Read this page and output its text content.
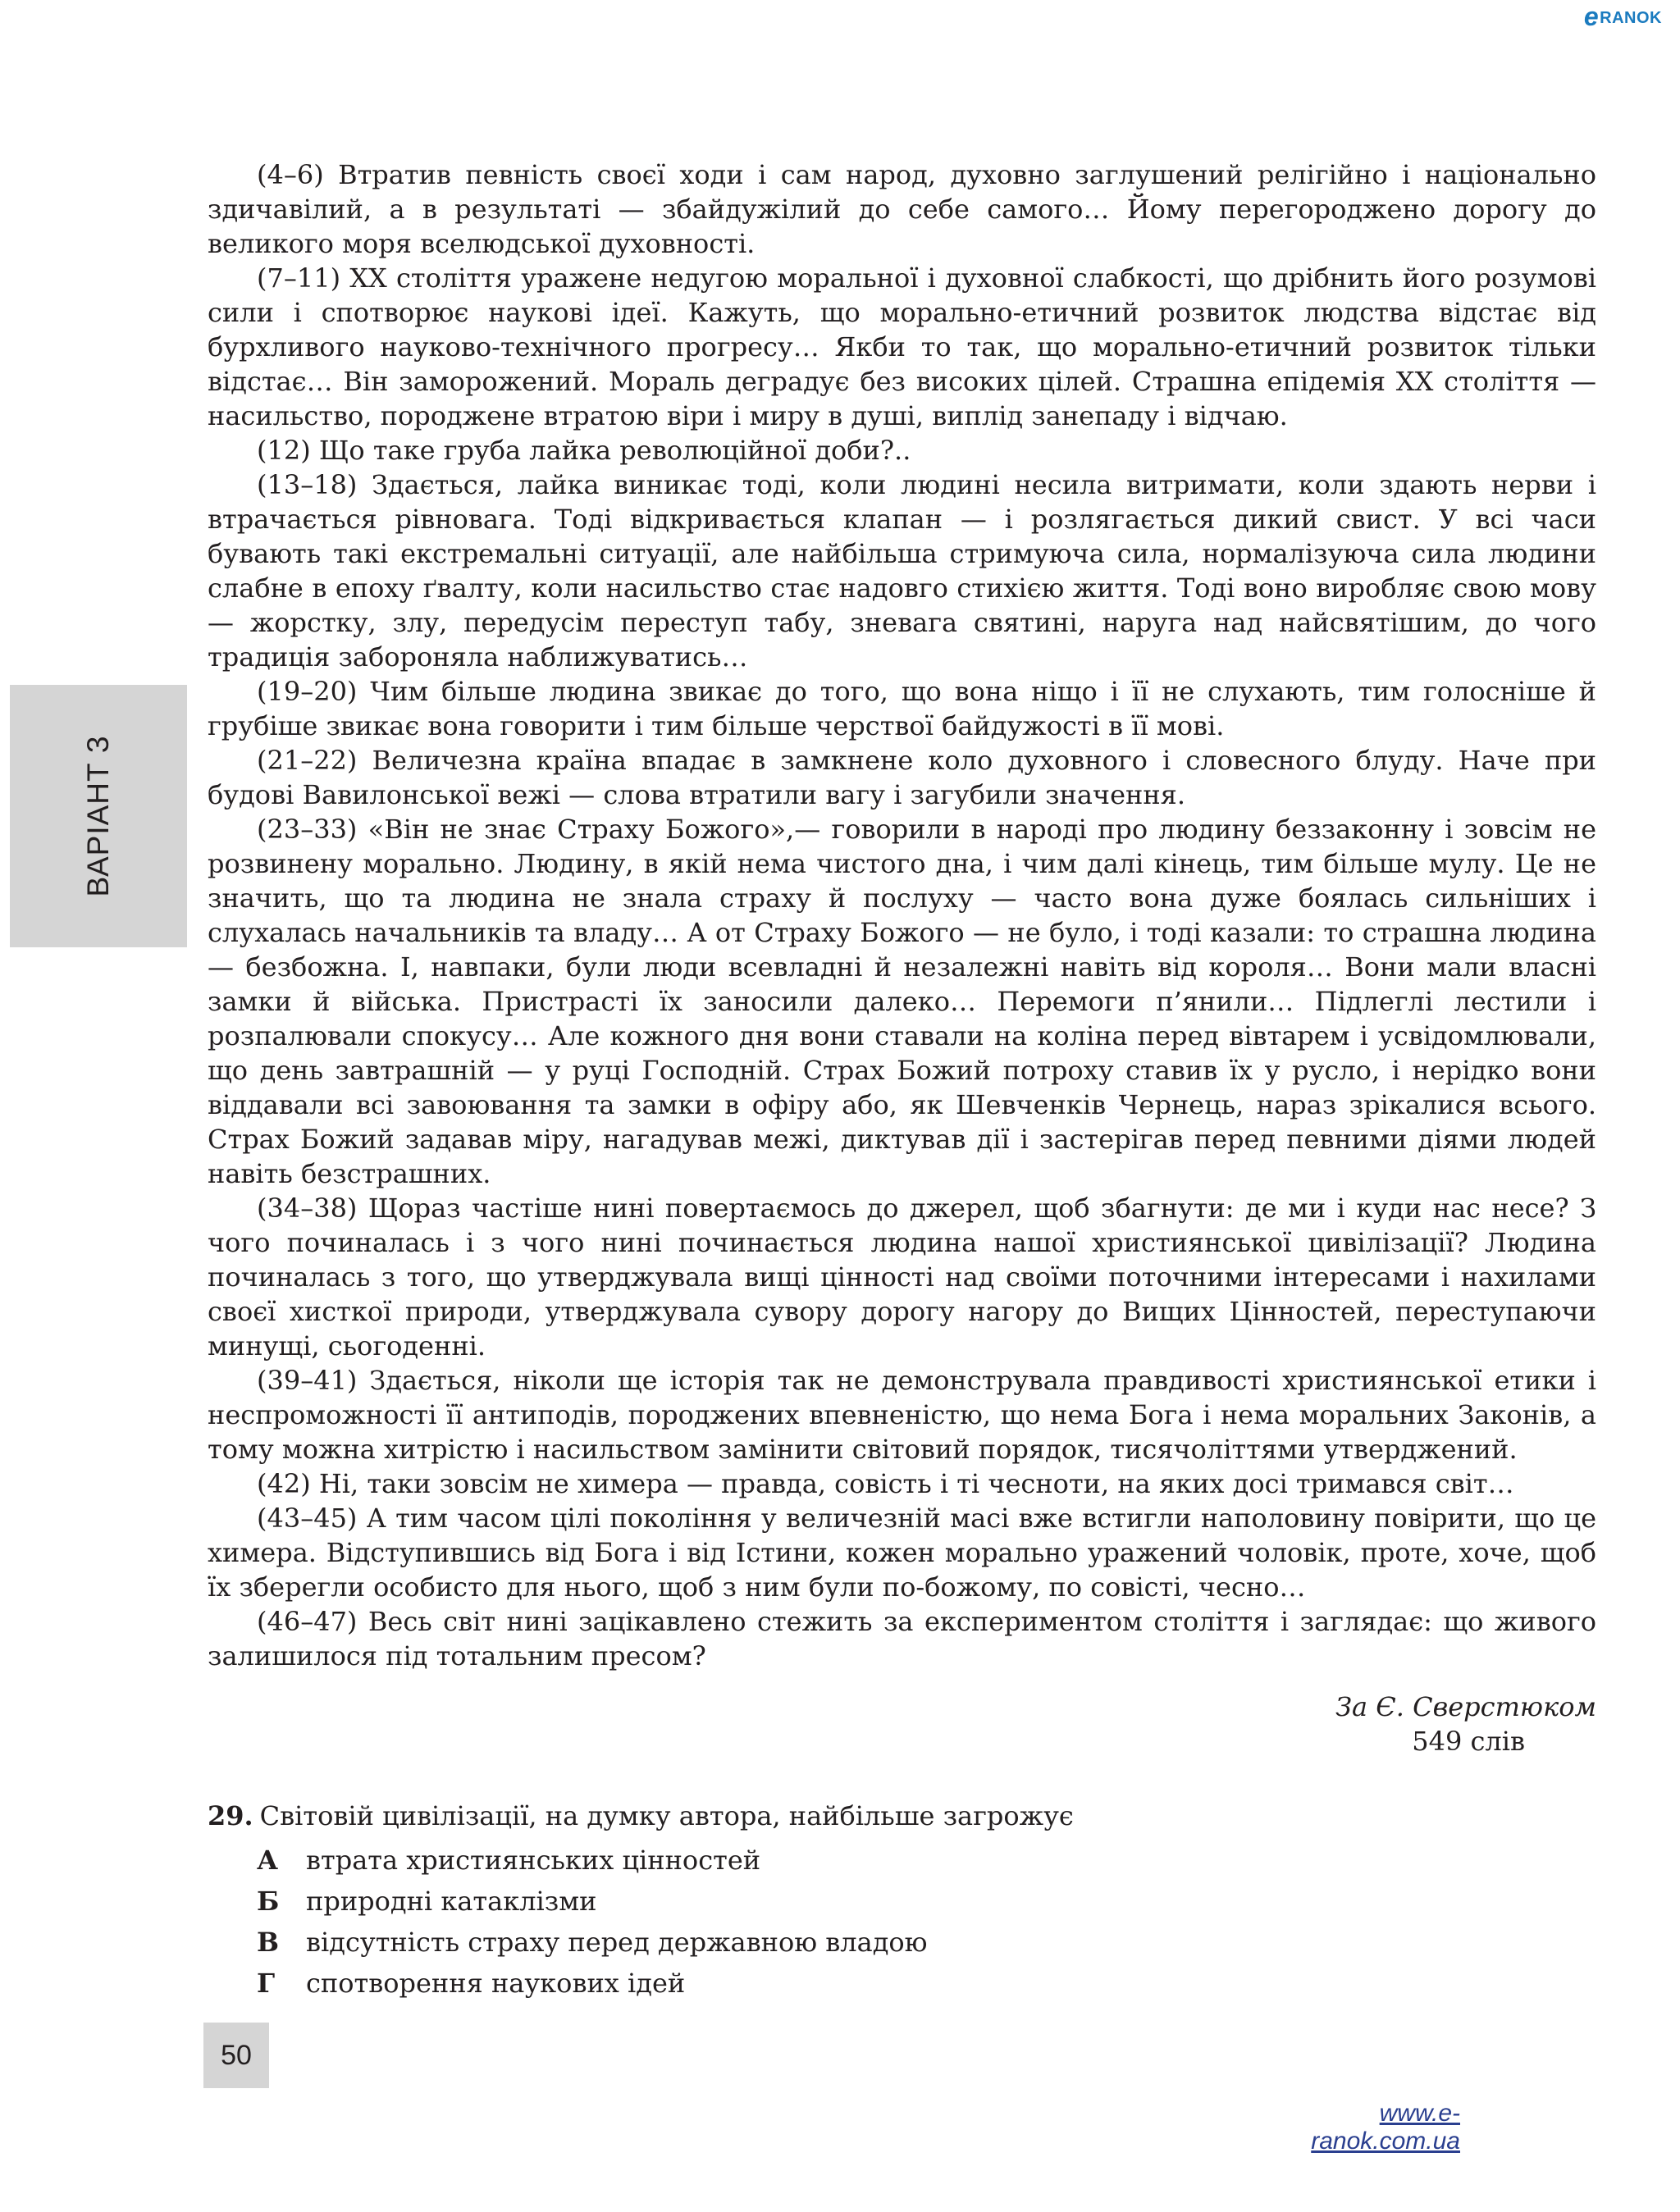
eRANOK
ВАРІАНТ 3

(4–6) Втратив певність своєї ходи і сам народ, духовно заглушений релігійно і національно здичавілий, а в результаті — збайдужілий до себе самого… Йому перегороджено дорогу до великого моря вселюдської духовності.

(7–11) XX століття уражене недугою моральної і духовної слабкості, що дрібнить його розумові сили і спотворює наукові ідеї. Кажуть, що морально-етичний розвиток людства відстає від бурхливого науково-технічного прогресу… Якби то так, що морально-етичний розвиток тільки відстає… Він заморожений. Мораль деградує без високих цілей. Страшна епідемія XX століття — насильство, породжене втратою віри і миру в душі, виплід занепаду і відчаю.

(12) Що таке груба лайка революційної доби?..

(13–18) Здається, лайка виникає тоді, коли людині несила витримати, коли здають нерви і втрачається рівновага. Тоді відкривається клапан — і розлягається дикий свист. У всі часи бувають такі екстремальні ситуації, але найбільша стримуюча сила, нормалізуюча сила людини слабне в епоху ґвалту, коли насильство стає надовго стихією життя. Тоді воно виробляє свою мову — жорстку, злу, передусім переступ табу, зневага святині, наруга над найсвятішим, до чого традиція забороняла наближуватись…

(19–20) Чим більше людина звикає до того, що вона ніщо і її не слухають, тим голосніше й грубіше звикає вона говорити і тим більше черствої байдужості в її мові.

(21–22) Величезна країна впадає в замкнене коло духовного і словесного блуду. Наче при будові Вавилонської вежі — слова втратили вагу і загубили значення.

(23–33) «Він не знає Страху Божого»,— говорили в народі про людину беззаконну і зовсім не розвинену морально. Людину, в якій нема чистого дна, і чим далі кінець, тим більше мулу. Це не значить, що та людина не знала страху й послуху — часто вона дуже боялась сильніших і слухалась начальників та владу… А от Страху Божого — не було, і тоді казали: то страшна людина — безбожна. І, навпаки, були люди всевладні й незалежні навіть від короля… Вони мали власні замки й війська. Пристрасті їх заносили далеко… Перемоги п’янили… Підлеглі лестили і розпалювали спокусу… Але кожного дня вони ставали на коліна перед вівтарем і усвідомлювали, що день завтрашній — у руці Господній. Страх Божий потроху ставив їх у русло, і нерідко вони віддавали всі завоювання та замки в офіру або, як Шевченків Чернець, нараз зрікалися всього. Страх Божий задавав міру, нагадував межі, диктував дії і застерігав перед певними діями людей навіть безстрашних.

(34–38) Щораз частіше нині повертаємось до джерел, щоб збагнути: де ми і куди нас несе? З чого починалась і з чого нині починається людина нашої християнської цивілізації? Людина починалась з того, що утверджувала вищі цінності над своїми поточними інтересами і нахилами своєї хисткої природи, утверджувала сувору дорогу нагору до Вищих Цінностей, переступаючи минущі, сьогоденні.

(39–41) Здається, ніколи ще історія так не демонструвала правдивості християнської етики і неспроможності її антиподів, породжених впевненістю, що нема Бога і нема моральних Законів, а тому можна хитрістю і насильством замінити світовий порядок, тисячоліттями утверджений.

(42) Ні, таки зовсім не химера — правда, совість і ті чесноти, на яких досі тримався світ…

(43–45) А тим часом цілі покоління у величезній масі вже встигли наполовину повірити, що це химера. Відступившись від Бога і від Істини, кожен морально уражений чоловік, проте, хоче, щоб їх зберегли особисто для нього, щоб з ним були по-божому, по совісті, чесно…

(46–47) Весь світ нині зацікавлено стежить за експериментом століття і заглядає: що живого залишилося під тотальним пресом?

За Є. Сверстюком
549 слів
29. Світовій цивілізації, на думку автора, найбільше загрожує
А втрата християнських цінностей
Б природні катаклізми
В відсутність страху перед державною владою
Г спотворення наукових ідей
50
www.e-ranok.com.ua
